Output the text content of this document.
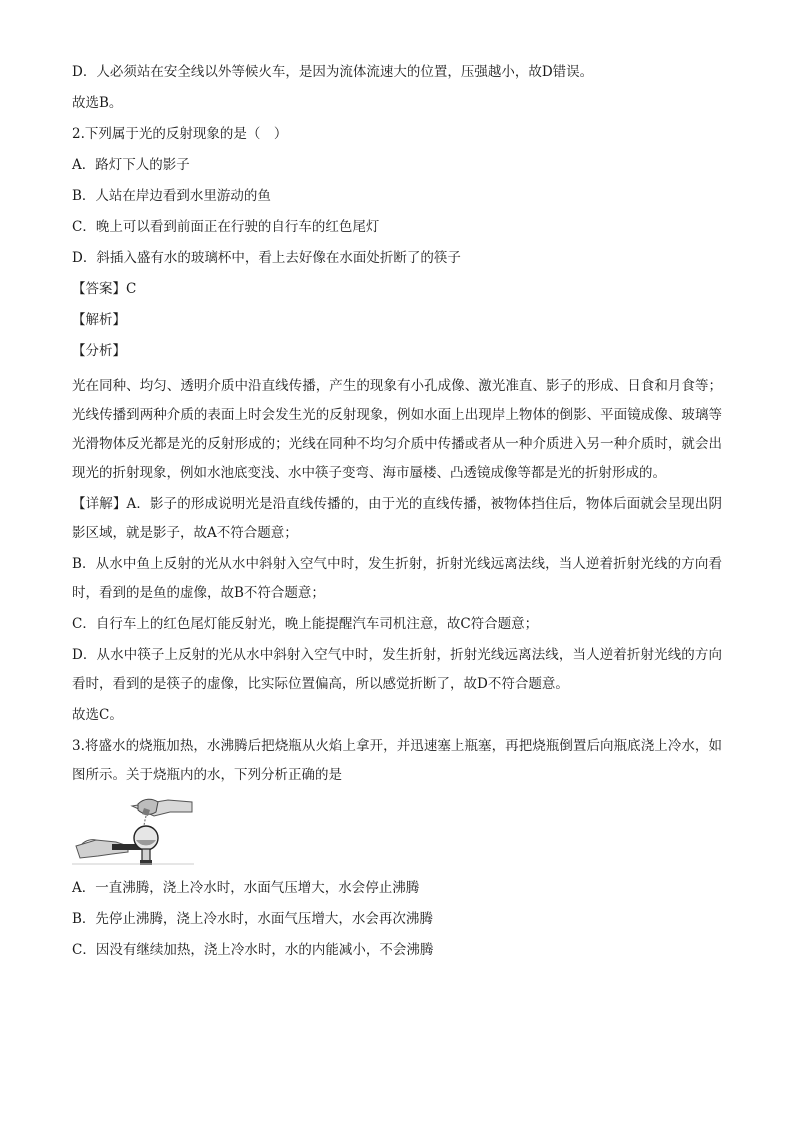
D．人必须站在安全线以外等候火车，是因为流体流速大的位置，压强越小，故D错误。
故选B。
2.下列属于光的反射现象的是（　）
A．路灯下人的影子
B．人站在岸边看到水里游动的鱼
C．晚上可以看到前面正在行驶的自行车的红色尾灯
D．斜插入盛有水的玻璃杯中，看上去好像在水面处折断了的筷子
【答案】C
【解析】
【分析】

光在同种、均匀、透明介质中沿直线传播，产生的现象有小孔成像、激光准直、影子的形成、日食和月食等；光线传播到两种介质的表面上时会发生光的反射现象，例如水面上出现岸上物体的倒影、平面镜成像、玻璃等光滑物体反光都是光的反射形成的；光线在同种不均匀介质中传播或者从一种介质进入另一种介质时，就会出现光的折射现象，例如水池底变浅、水中筷子变弯、海市蜃楼、凸透镜成像等都是光的折射形成的。

【详解】A．影子的形成说明光是沿直线传播的，由于光的直线传播，被物体挡住后，物体后面就会呈现出阴影区域，就是影子，故A不符合题意；

B．从水中鱼上反射的光从水中斜射入空气中时，发生折射，折射光线远离法线，当人逆着折射光线的方向看时，看到的是鱼的虚像，故B不符合题意；

C．自行车上的红色尾灯能反射光，晚上能提醒汽车司机注意，故C符合题意；

D．从水中筷子上反射的光从水中斜射入空气中时，发生折射，折射光线远离法线，当人逆着折射光线的方向看时，看到的是筷子的虚像，比实际位置偏高，所以感觉折断了，故D不符合题意。

故选C。

3.将盛水的烧瓶加热，水沸腾后把烧瓶从火焰上拿开，并迅速塞上瓶塞，再把烧瓶倒置后向瓶底浇上冷水，如图所示。关于烧瓶内的水，下列分析正确的是

A．一直沸腾，浇上冷水时，水面气压增大，水会停止沸腾
B．先停止沸腾，浇上冷水时，水面气压增大，水会再次沸腾
C．因没有继续加热，浇上冷水时，水的内能减小，不会沸腾
